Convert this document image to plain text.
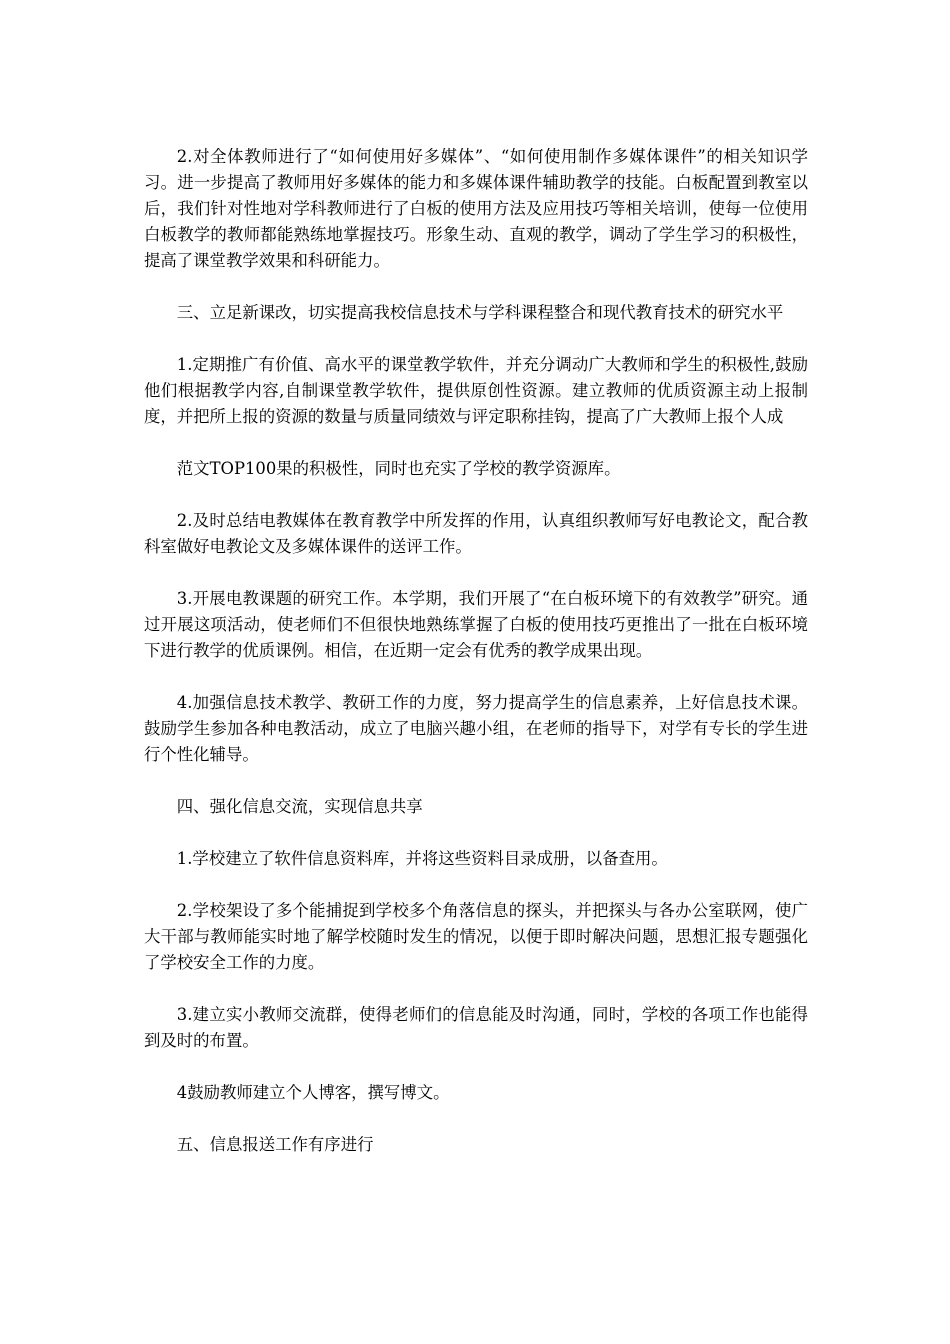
2.对全体教师进行了“如何使用好多媒体”、“如何使用制作多媒体课件”的相关知识学习。进一步提高了教师用好多媒体的能力和多媒体课件辅助教学的技能。白板配置到教室以后，我们针对性地对学科教师进行了白板的使用方法及应用技巧等相关培训，使每一位使用白板教学的教师都能熟练地掌握技巧。形象生动、直观的教学，调动了学生学习的积极性，提高了课堂教学效果和科研能力。

三、立足新课改，切实提高我校信息技术与学科课程整合和现代教育技术的研究水平

1.定期推广有价值、高水平的课堂教学软件，并充分调动广大教师和学生的积极性,鼓励他们根据教学内容,自制课堂教学软件，提供原创性资源。建立教师的优质资源主动上报制度，并把所上报的资源的数量与质量同绩效与评定职称挂钩，提高了广大教师上报个人成

范文TOP100果的积极性，同时也充实了学校的教学资源库。

2.及时总结电教媒体在教育教学中所发挥的作用，认真组织教师写好电教论文，配合教科室做好电教论文及多媒体课件的送评工作。

3.开展电教课题的研究工作。本学期，我们开展了“在白板环境下的有效教学”研究。通过开展这项活动，使老师们不但很快地熟练掌握了白板的使用技巧更推出了一批在白板环境下进行教学的优质课例。相信，在近期一定会有优秀的教学成果出现。

4.加强信息技术教学、教研工作的力度，努力提高学生的信息素养，上好信息技术课。鼓励学生参加各种电教活动，成立了电脑兴趣小组，在老师的指导下，对学有专长的学生进行个性化辅导。

四、强化信息交流，实现信息共享

1.学校建立了软件信息资料库，并将这些资料目录成册，以备查用。

2.学校架设了多个能捕捉到学校多个角落信息的探头，并把探头与各办公室联网，使广大干部与教师能实时地了解学校随时发生的情况，以便于即时解决问题，思想汇报专题强化了学校安全工作的力度。

3.建立实小教师交流群，使得老师们的信息能及时沟通，同时，学校的各项工作也能得到及时的布置。

4鼓励教师建立个人博客，撰写博文。

五、信息报送工作有序进行
